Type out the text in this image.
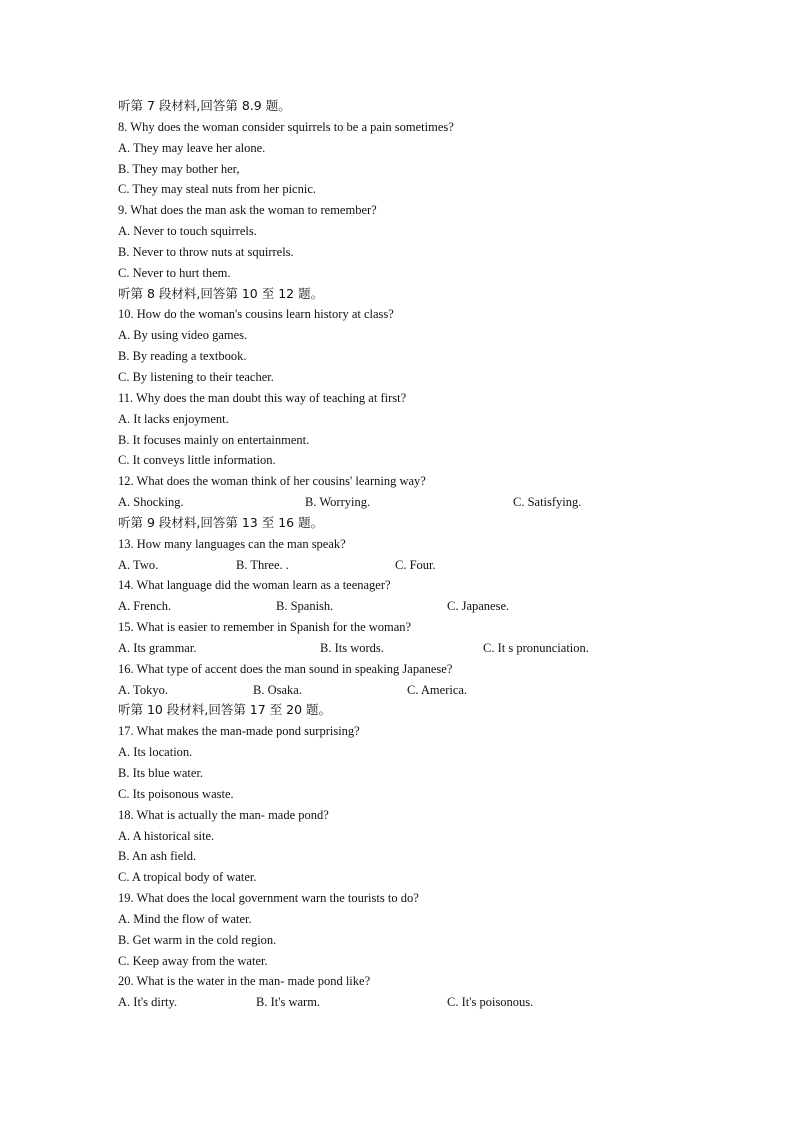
听第 7 段材料,回答第 8.9 题。
8. Why does the woman consider squirrels to be a pain sometimes?
A. They may leave her alone.
B. They may bother her,
C. They may steal nuts from her picnic.
9. What does the man ask the woman to remember?
A. Never to touch squirrels.
B. Never to throw nuts at squirrels.
C. Never to hurt them.
听第 8 段材料,回答第 10 至 12 题。
10. How do the woman's cousins learn history at class?
A. By using video games.
B. By reading a textbook.
C. By listening to their teacher.
11. Why does the man doubt this way of teaching at first?
A. It lacks enjoyment.
B. It focuses mainly on entertainment.
C. It conveys little information.
12. What does the woman think of her cousins' learning way?
A. Shocking.	B. Worrying.	C. Satisfying.
听第 9 段材料,回答第 13 至 16 题。
13. How many languages can the man speak?
A. Two.	B. Three. .	C. Four.
14. What language did the woman learn as a teenager?
A. French.	B. Spanish.	C. Japanese.
15. What is easier to remember in Spanish for the woman?
A. Its grammar.	B. Its words.	C. It s pronunciation.
16. What type of accent does the man sound in speaking Japanese?
A. Tokyo.	B. Osaka.	C. America.
听第 10 段材料,回答第 17 至 20 题。
17. What makes the man-made pond surprising?
A. Its location.
B. Its blue water.
C. Its poisonous waste.
18. What is actually the man- made pond?
A. A historical site.
B. An ash field.
C. A tropical body of water.
19. What does the local government warn the tourists to do?
A. Mind the flow of water.
B. Get warm in the cold region.
C. Keep away from the water.
20. What is the water in the man- made pond like?
A. It's dirty.	B. It's warm.	C. It's poisonous.
